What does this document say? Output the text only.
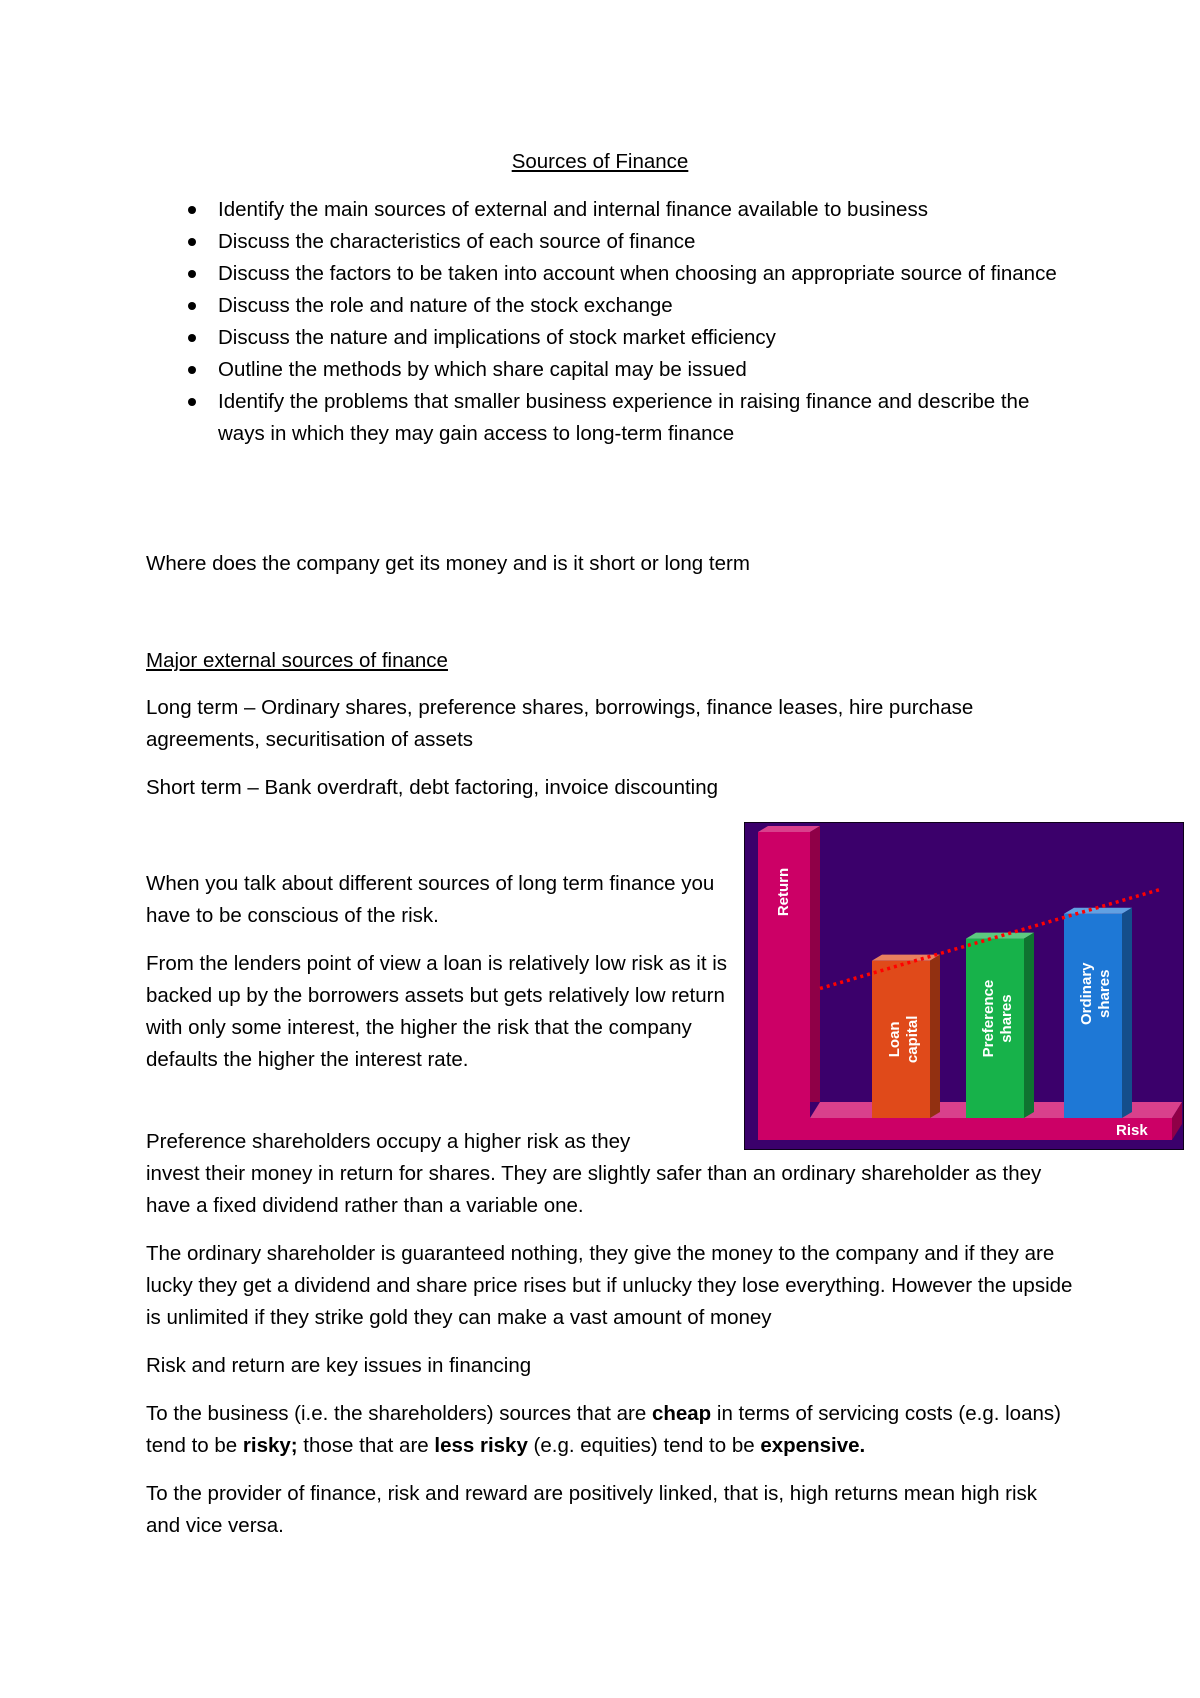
Sources of Finance
Identify the main sources of external and internal finance available to business
Discuss the characteristics of each source of finance
Discuss the factors to be taken into account when choosing an appropriate source of finance
Discuss the role and nature of the stock exchange
Discuss the nature and implications of stock market efficiency
Outline the methods by which share capital may be issued
Identify the problems that smaller business experience in raising finance and describe the ways in which they may gain access to long-term finance

Where does the company get its money and is it short or long term

Major external sources of finance

Long term – Ordinary shares, preference shares, borrowings, finance leases, hire purchase agreements, securitisation of assets

Short term – Bank overdraft, debt factoring, invoice discounting

When you talk about different sources of long term finance you have to be conscious of the risk.

From the lenders point of view a loan is relatively low risk as it is backed up by the borrowers assets but gets relatively low return with only some interest, the higher the risk that the company defaults the higher the interest rate.

Preference shareholders occupy a higher risk as they

invest their money in return for shares. They are slightly safer than an ordinary shareholder as they have a fixed dividend rather than a variable one.

The ordinary shareholder is guaranteed nothing, they give the money to the company and if they are lucky they get a dividend and share price rises but if unlucky they lose everything. However the upside is unlimited if they strike gold they can make a vast amount of money

Risk and return are key issues in financing

To the business (i.e. the shareholders) sources that are cheap in terms of servicing costs (e.g. loans) tend to be risky; those that are less risky (e.g. equities) tend to be expensive.

To the provider of finance, risk and reward are positively linked, that is, high returns mean high risk and vice versa.

Loancapital	Preferenceshares	Ordinaryshares
Return
Risk
